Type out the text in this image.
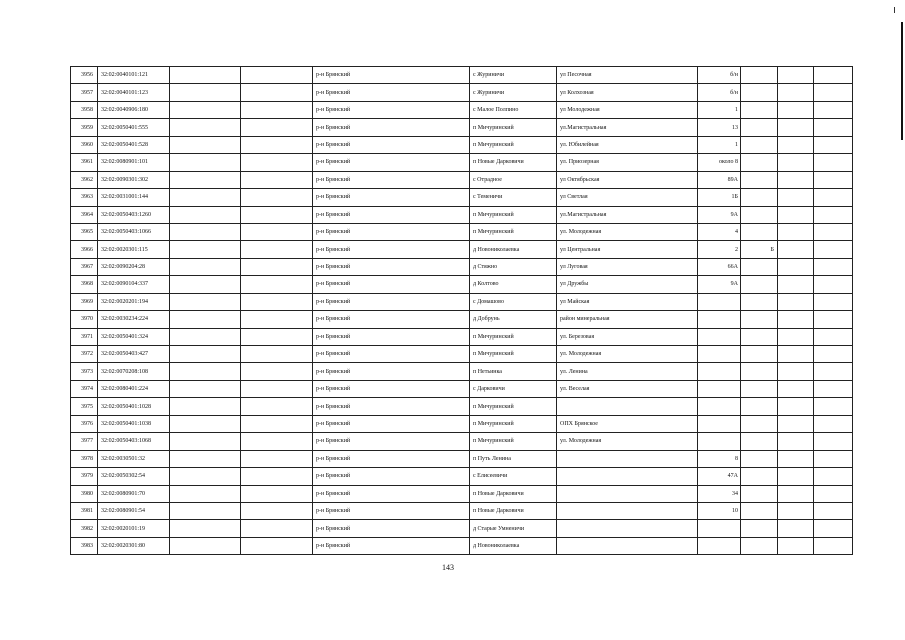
3956	32:02:0040101:121			р-н Брянский	с Журиничи	ул Песочная	б/н			
3957	32:02:0040101:123			р-н Брянский	с Журиничи	ул Колхозная	б/н			
3958	32:02:0040906:180			р-н Брянский	с Малое Полпино	ул Молодежная	1			
3959	32:02:0050401:555			р-н Брянский	п Мичуринский	ул.Магистральная	13			
3960	32:02:0050401:528			р-н Брянский	п Мичуринский	ул. Юбилейная	1			
3961	32:02:0080901:101			р-н Брянский	п Новые Дарковичи	ул. Приозерная	около 8			
3962	32:02:0090301:302			р-н Брянский	с Отрадное	ул Октябрьская	89А			
3963	32:02:0031001:144			р-н Брянский	с Теменичи	ул Светлая	1Б			
3964	32:02:0050403:1260			р-н Брянский	п Мичуринский	ул.Магистральная	9А			
3965	32:02:0050403:1066			р-н Брянский	п Мичуринский	ул. Молодежная	4			
3966	32:02:0020301:115			р-н Брянский	д Новониколаевка	ул Центральная	2	Б		
3967	32:02:0090204:28			р-н Брянский	д Стяжно	ул Луговая	66А			
3968	32:02:0090104:337			р-н Брянский	д Колтово	ул Дружбы	9А			
3969	32:02:0020201:194			р-н Брянский	с Домашово	ул Майская				
3970	32:02:0030234:224			р-н Брянский	д Добрунь	район минеральная				
3971	32:02:0050401:324			р-н Брянский	п Мичуринский	ул. Березовая				
3972	32:02:0050403:427			р-н Брянский	п Мичуринский	ул. Молодежная				
3973	32:02:0070208:108			р-н Брянский	п Нетьинка	ул. Ленина				
3974	32:02:0080401:224			р-н Брянский	с Дарковичи	ул. Веселая				
3975	32:02:0050401:1028			р-н Брянский	п Мичуринский					
3976	32:02:0050401:1038			р-н Брянский	п Мичуринский	ОПХ Брянское				
3977	32:02:0050403:1068			р-н Брянский	п Мичуринский	ул. Молодежная				
3978	32:02:0030501:32			р-н Брянский	п Путь Ленина		8			
3979	32:02:0050302:54			р-н Брянский	с Елисеевичи		47А			
3980	32:02:0080901:70			р-н Брянский	п Новые Дарковичи		34			
3981	32:02:0080901:54			р-н Брянский	п Новые Дарковичи		10			
3982	32:02:0020101:19			р-н Брянский	д Старые Умненичи					
3983	32:02:0020301:80			р-н Брянский	д Новониколаевка					
143
